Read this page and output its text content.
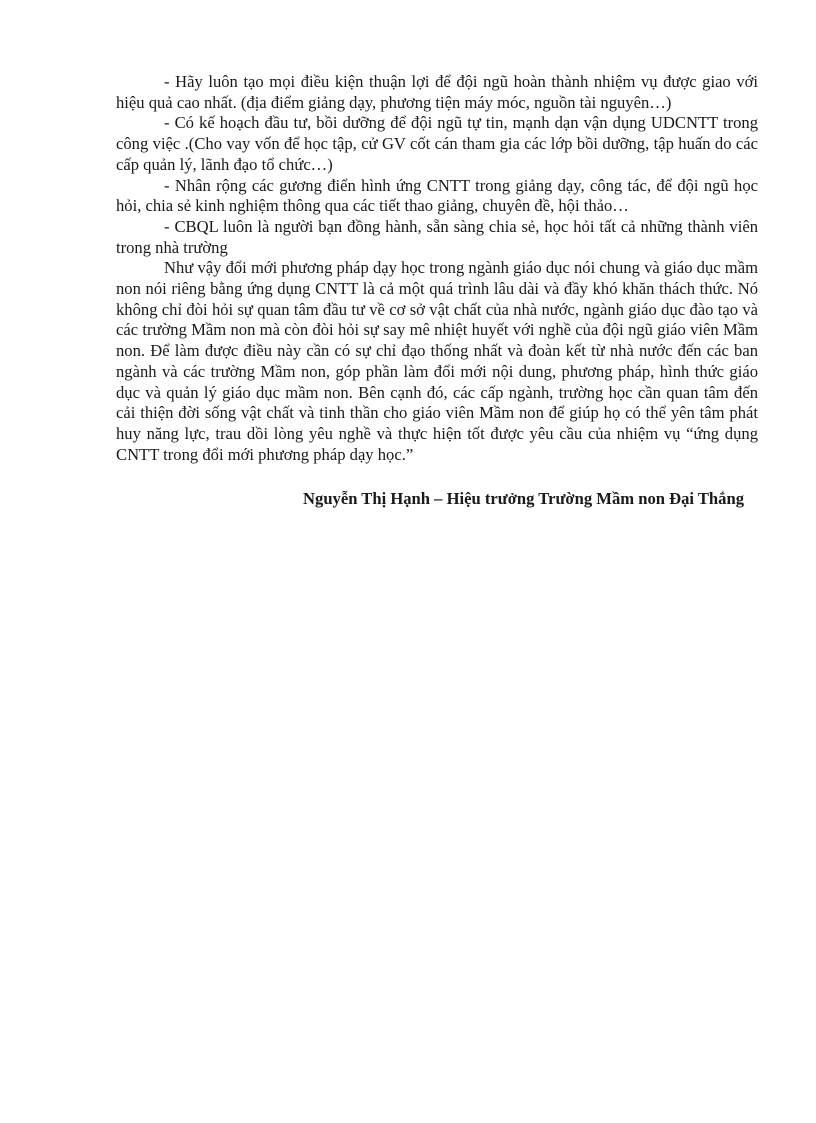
- Hãy luôn tạo mọi điều kiện thuận lợi để đội ngũ hoàn thành nhiệm vụ được giao với hiệu quả cao nhất. (địa điểm giảng dạy, phương tiện máy móc, nguồn tài nguyên…)

- Có kế hoạch đầu tư, bồi dưỡng để đội ngũ tự tin, mạnh dạn vận dụng UDCNTT trong công việc .(Cho vay vốn để học tập, cử GV cốt cán tham gia các lớp bồi dưỡng, tập huấn do các cấp quản lý, lãnh đạo tổ chức…)

- Nhân rộng các gương điển hình ứng CNTT trong giảng dạy, công tác, để đội ngũ học hỏi, chia sẻ kinh nghiệm thông qua các tiết thao giảng, chuyên đề, hội thảo…

- CBQL luôn là người bạn đồng hành, sẵn sàng chia sẻ, học hỏi tất cả những thành viên trong nhà trường

Như vậy đổi mới phương pháp dạy học trong ngành giáo dục nói chung và giáo dục mầm non nói riêng bằng ứng dụng CNTT là cả một quá trình lâu dài và đầy khó khăn thách thức. Nó không chỉ đòi hỏi sự quan tâm đầu tư về cơ sở vật chất của nhà nước, ngành giáo dục đào tạo và các trường Mầm non mà còn đòi hỏi sự say mê nhiệt huyết với nghề của đội ngũ giáo viên Mầm non. Để làm được điều này cần có sự chỉ đạo thống nhất và đoàn kết từ nhà nước đến các ban ngành và các trường Mầm non, góp phần làm đổi mới nội dung, phương pháp, hình thức giáo dục và quản lý giáo dục mầm non. Bên cạnh đó, các cấp ngành, trường học cần quan tâm đến cải thiện đời sống vật chất và tinh thần cho giáo viên Mầm non để giúp họ có thể yên tâm phát huy năng lực, trau dồi lòng yêu nghề và thực hiện tốt được yêu cầu của nhiệm vụ “ứng dụng CNTT trong đổi mới phương pháp dạy học.”

Nguyễn Thị Hạnh – Hiệu trưởng Trường Mầm non Đại Thắng
